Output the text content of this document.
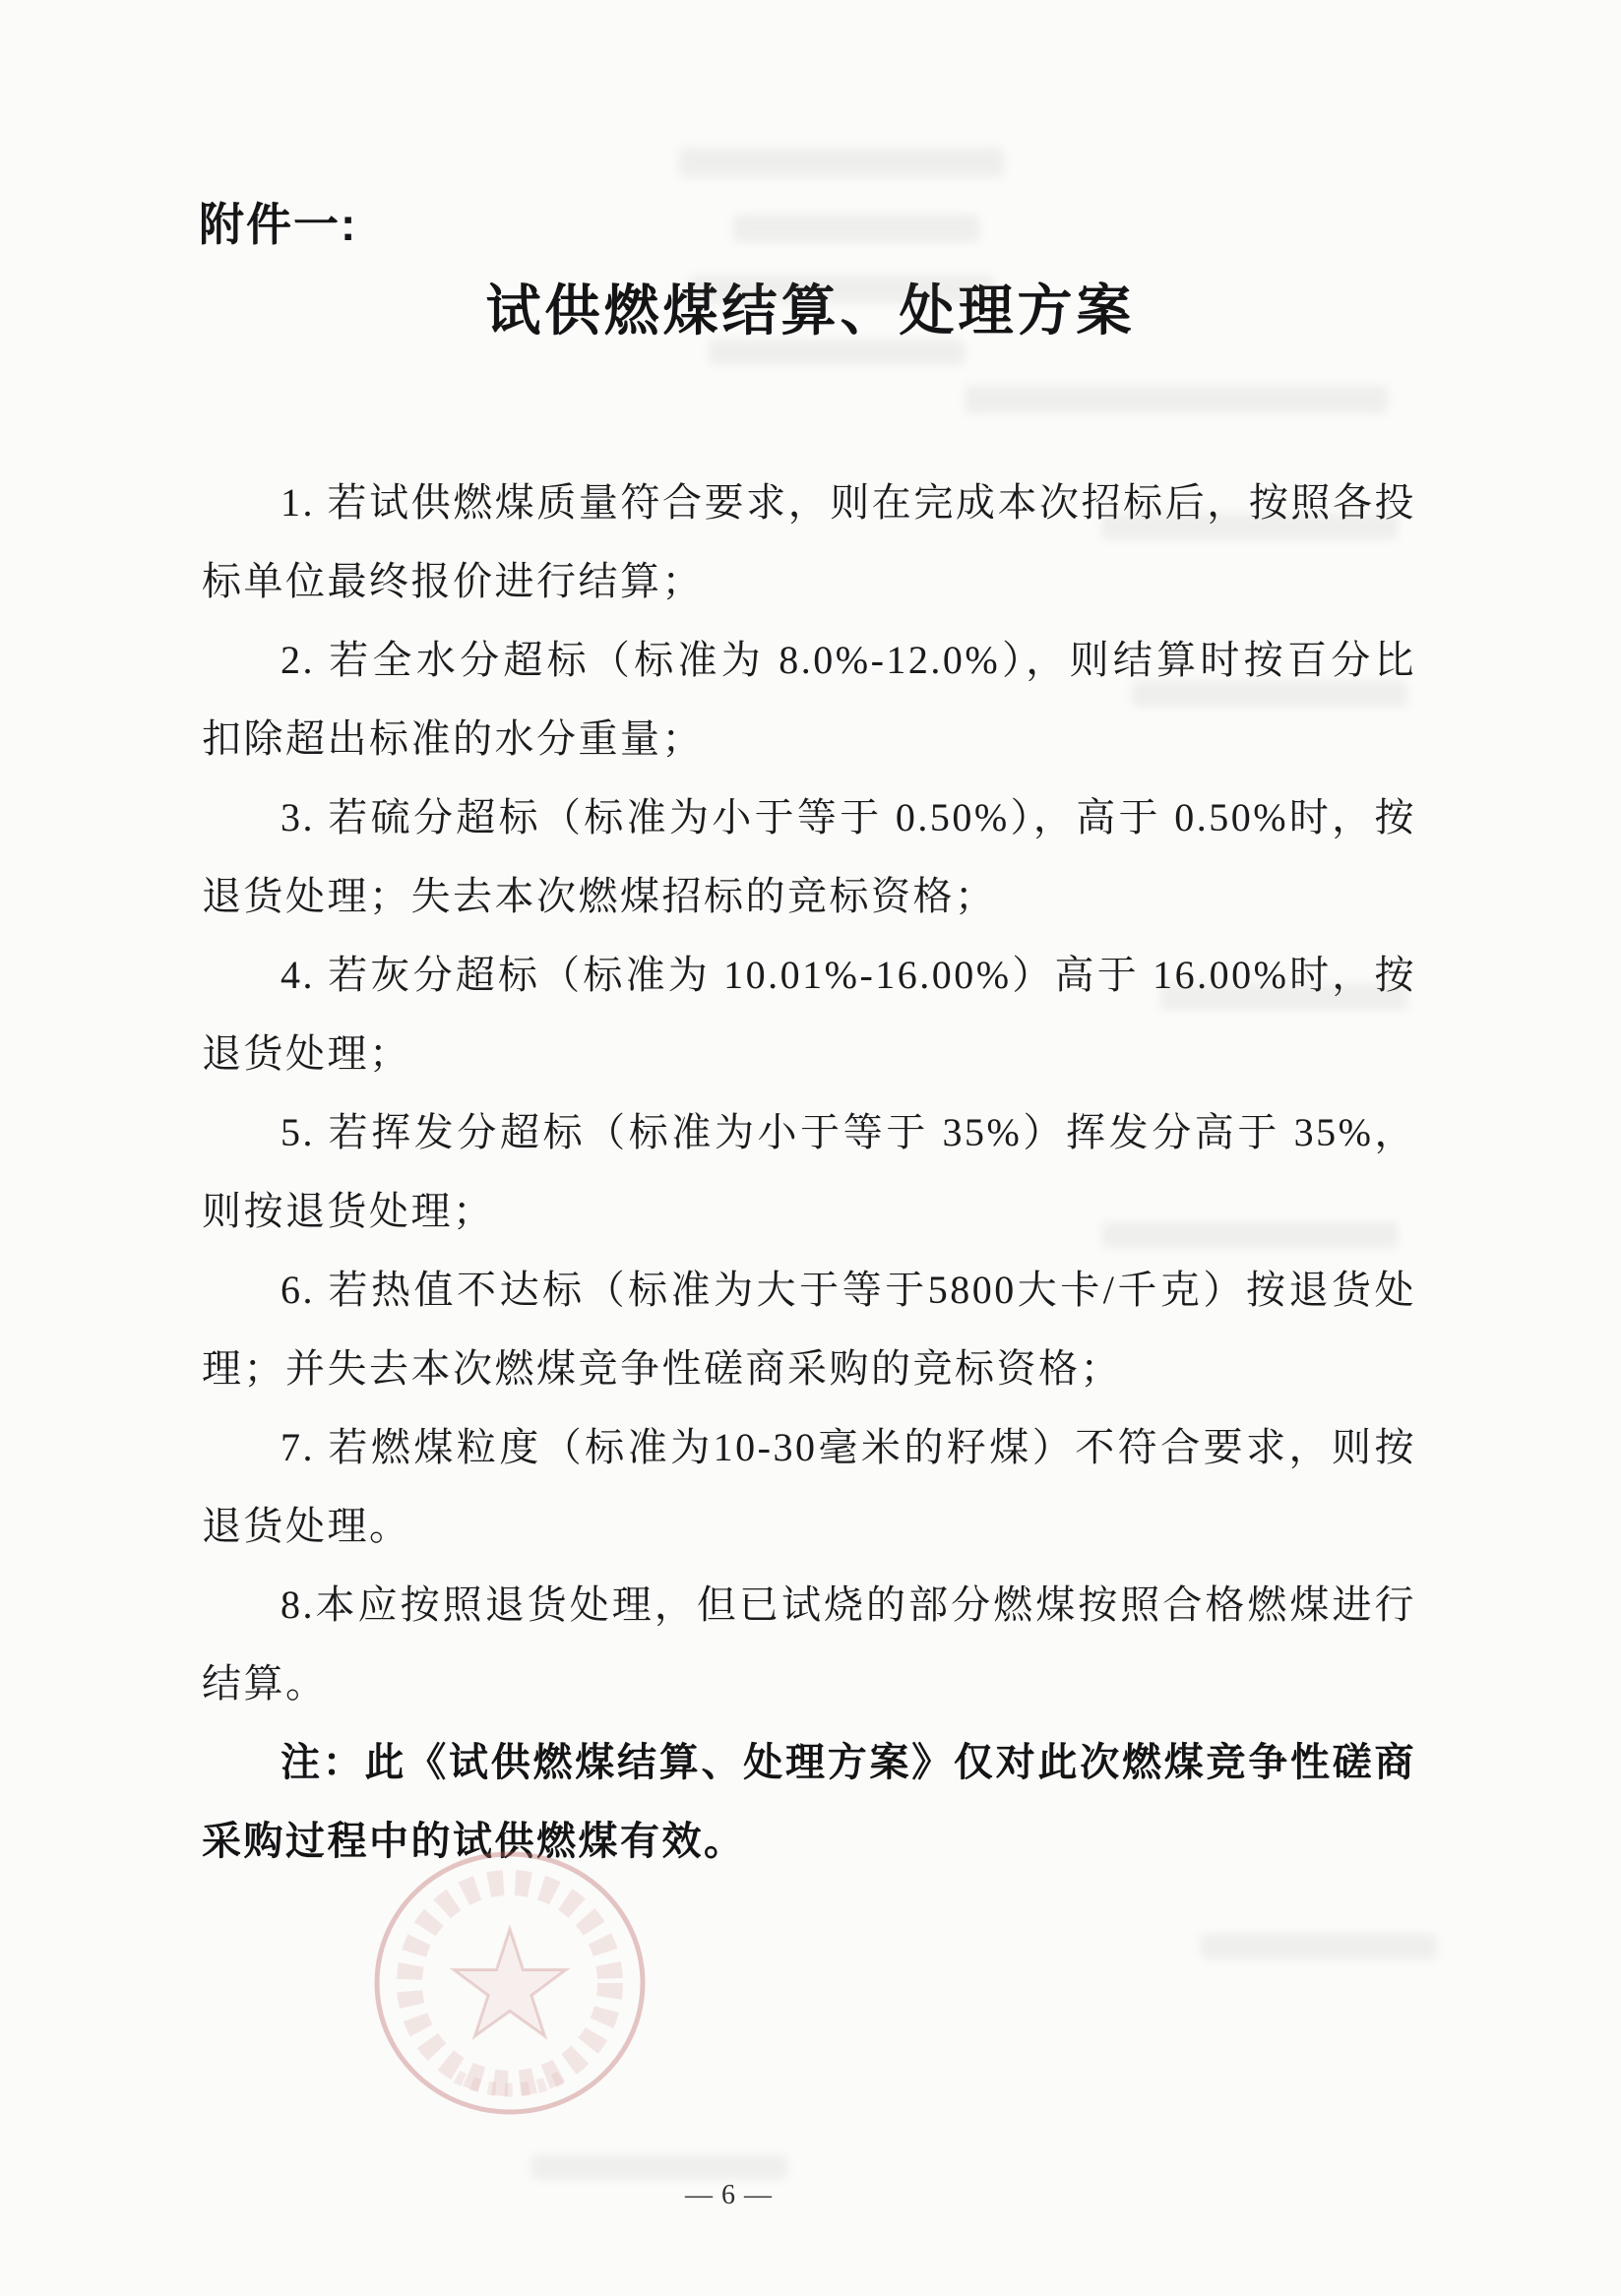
附件一:
试供燃煤结算、处理方案

1. 若试供燃煤质量符合要求，则在完成本次招标后，按照各投标单位最终报价进行结算；

2. 若全水分超标（标准为 8.0%-12.0%），则结算时按百分比扣除超出标准的水分重量；

3. 若硫分超标（标准为小于等于 0.50%），高于 0.50%时，按退货处理；失去本次燃煤招标的竞标资格；

4. 若灰分超标（标准为 10.01%-16.00%）高于 16.00%时，按退货处理；

5. 若挥发分超标（标准为小于等于 35%）挥发分高于 35%，则按退货处理；

6. 若热值不达标（标准为大于等于5800大卡/千克）按退货处理；并失去本次燃煤竞争性磋商采购的竞标资格；

7. 若燃煤粒度（标准为10-30毫米的籽煤）不符合要求，则按退货处理。

8.本应按照退货处理，但已试烧的部分燃煤按照合格燃煤进行结算。

注：此《试供燃煤结算、处理方案》仅对此次燃煤竞争性磋商采购过程中的试供燃煤有效。

— 6 —
